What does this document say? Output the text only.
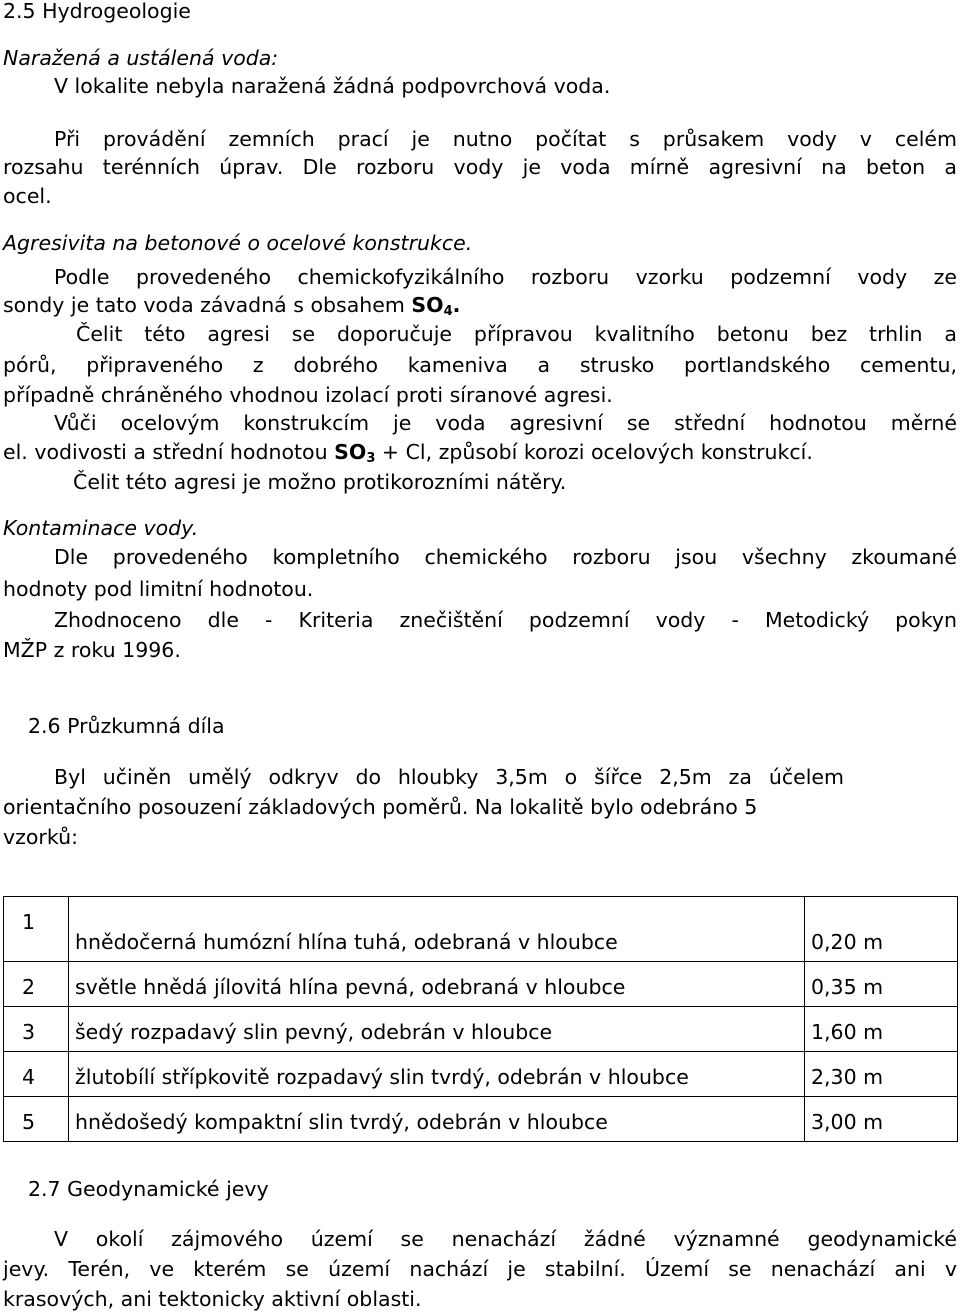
2.5 Hydrogeologie
Naražená a ustálená voda:
V lokalite nebyla naražená žádná podpovrchová voda.
Při provádění zemních prací je nutno počítat s průsakem vody v celém
rozsahu terénních úprav. Dle rozboru vody je voda mírně agresivní na beton a
ocel.
Agresivita na betonové o ocelové konstrukce.
Podle provedeného chemickofyzikálního rozboru vzorku podzemní vody ze
sondy je tato voda závadná s obsahem $SO_4$.
Čelit této agresi se doporučuje přípravou kvalitního betonu bez trhlin a
pórů, připraveného z dobrého kameniva a strusko portlandského cementu,
případně chráněného vhodnou izolací proti síranové agresi.
Vůči ocelovým konstrukcím je voda agresivní se střední hodnotou měrné
el. vodivosti a střední hodnotou $SO_3 + Cl$, způsobí korozi ocelových konstrukcí.
Čelit této agresi je možno protikorozními nátěry.
Kontaminace vody.
Dle provedeného kompletního chemického rozboru jsou všechny zkoumané
hodnoty pod limitní hodnotou.
Zhodnoceno dle - Kriteria znečištění podzemní vody - Metodický pokyn
MŽP z roku 1996.
2.6 Průzkumná díla
Byl učiněn umělý odkryv do hloubky 3,5m o šířce 2,5m za účelem
orientačního posouzení základových poměrů. Na lokalitě bylo odebráno 5
vzorků:
1	hnědočerná humózní hlína tuhá, odebraná v hloubce	0,20 m
2	světle hnědá jílovitá hlína pevná, odebraná v hloubce	0,35 m
3	šedý rozpadavý slin pevný, odebrán v hloubce	1,60 m
4	žlutobílí střípkovitě rozpadavý slin tvrdý, odebrán v hloubce	2,30 m
5	hnědošedý kompaktní slin tvrdý, odebrán v hloubce	3,00 m
2.7 Geodynamické jevy
V okolí zájmového území se nenachází žádné významné geodynamické
jevy. Terén, ve kterém se území nachází je stabilní. Území se nenachází ani v
krasových, ani tektonicky aktivní oblasti.
